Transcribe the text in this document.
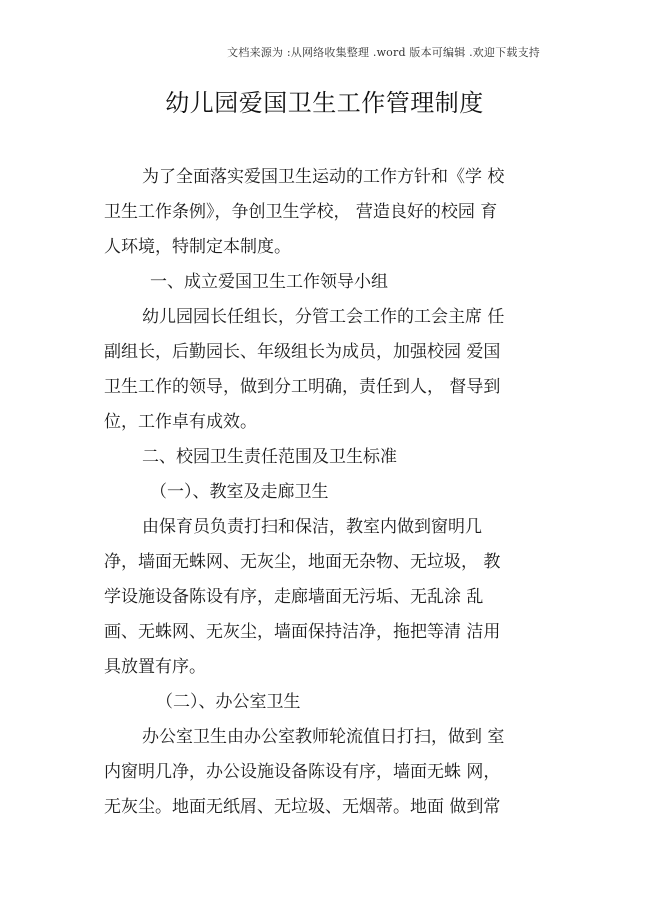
文档来源为 :从网络收集整理 .word 版本可编辑 .欢迎下载支持
幼儿园爱国卫生工作管理制度
为了全面落实爱国卫生运动的工作方针和《学 校
卫生工作条例》，争创卫生学校， 营造良好的校园 育
人环境，特制定本制度。
一、成立爱国卫生工作领导小组
幼儿园园长任组长，分管工会工作的工会主席 任
副组长，后勤园长、年级组长为成员，加强校园 爱国
卫生工作的领导，做到分工明确，责任到人， 督导到
位，工作卓有成效。
二、校园卫生责任范围及卫生标准
（一）、教室及走廊卫生
由保育员负责打扫和保洁，教室内做到窗明几
净，墙面无蛛网、无灰尘，地面无杂物、无垃圾， 教
学设施设备陈设有序，走廊墙面无污垢、无乱涂 乱
画、无蛛网、无灰尘，墙面保持洁净，拖把等清 洁用
具放置有序。
（二）、办公室卫生
办公室卫生由办公室教师轮流值日打扫，做到 室
内窗明几净，办公设施设备陈设有序，墙面无蛛 网，
无灰尘。地面无纸屑、无垃圾、无烟蒂。地面 做到常
